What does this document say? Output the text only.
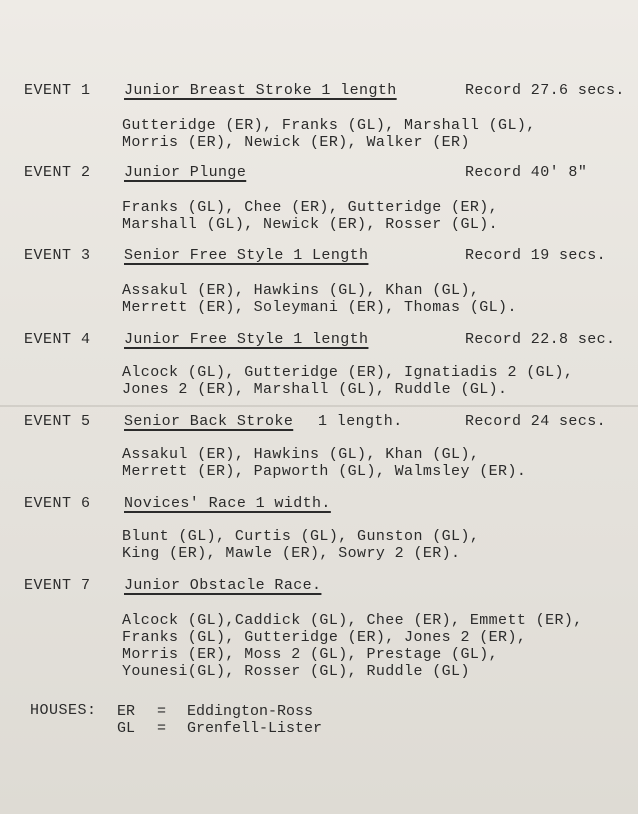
EVENT 1 Junior Breast Stroke 1 length	Record 27.6 secs.
Gutteridge (ER), Franks (GL), Marshall (GL),
Morris (ER), Newick (ER), Walker (ER)
EVENT 2 Junior Plunge	Record 40' 8"
Franks (GL), Chee (ER), Gutteridge (ER),
Marshall (GL), Newick (ER), Rosser (GL).
EVENT 3 Senior Free Style 1 Length	Record 19 secs.
Assakul (ER), Hawkins (GL), Khan (GL),
Merrett (ER), Soleymani (ER), Thomas (GL).
EVENT 4 Junior Free Style 1 length	Record 22.8 sec.
Alcock (GL), Gutteridge (ER), Ignatiadis 2 (GL),
Jones 2 (ER), Marshall (GL), Ruddle (GL).
EVENT 5 Senior Back Stroke 1 length.	Record 24 secs.
Assakul (ER), Hawkins (GL), Khan (GL),
Merrett (ER), Papworth (GL), Walmsley (ER).
EVENT 6 Novices' Race 1 width.
Blunt (GL), Curtis (GL), Gunston (GL),
King (ER), Mawle (ER), Sowry 2 (ER).
EVENT 7 Junior Obstacle Race.
Alcock (GL),Caddick (GL), Chee (ER), Emmett (ER),
Franks (GL), Gutteridge (ER), Jones 2 (ER),
Morris (ER), Moss 2 (GL), Prestage (GL),
Younesi(GL), Rosser (GL), Ruddle (GL)
HOUSES: ER = Eddington-Ross
GL = Grenfell-Lister
